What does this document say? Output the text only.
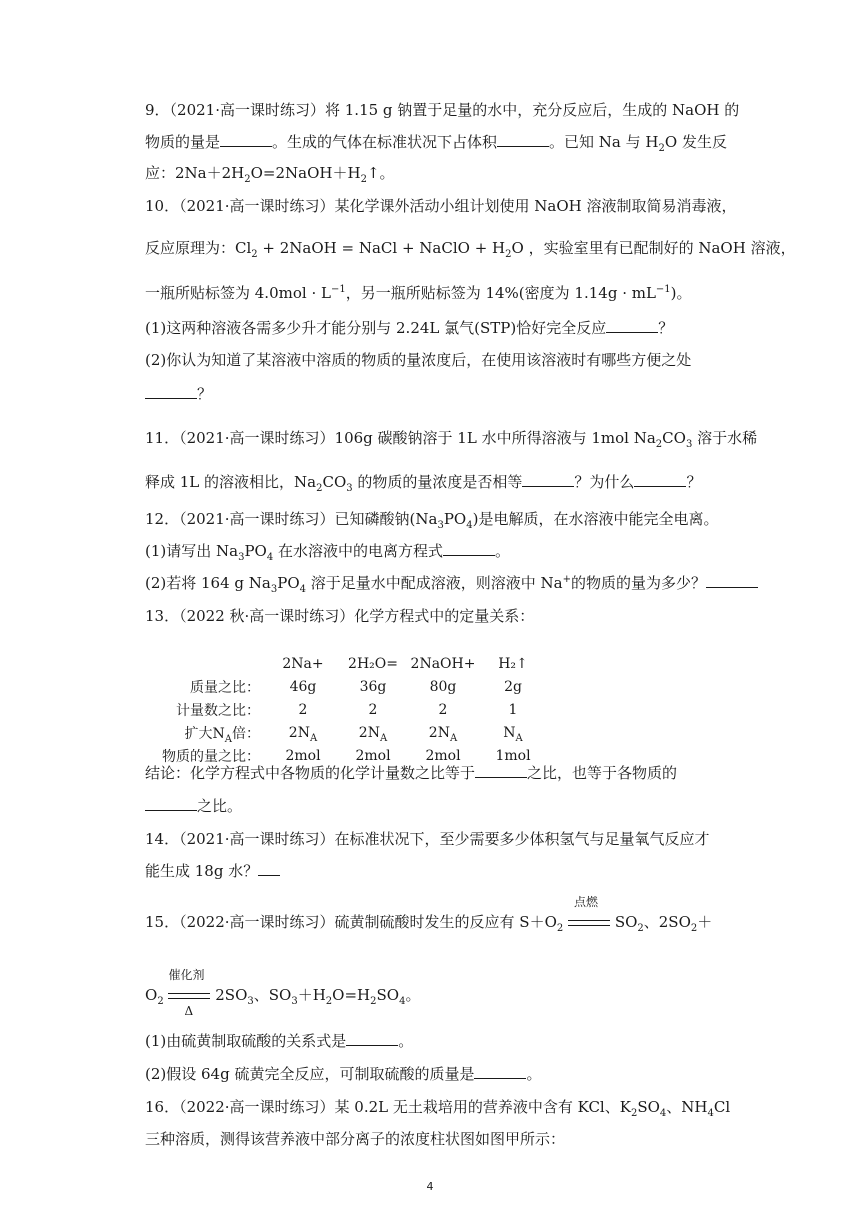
9．（2021·高一课时练习）将 1.15 g 钠置于足量的水中，充分反应后，生成的 NaOH 的
物质的量是	。生成的气体在标准状况下占体积	。已知 Na 与 $H_2O$ 发生反
应：$2Na+2H_2O=2NaOH+H_2↑$。
10．（2021·高一课时练习）某化学课外活动小组计划使用 NaOH 溶液制取简易消毒液，
反应原理为：$Cl_2$ + 2NaOH = NaCl + NaClO + $H_2O$ ，实验室里有已配制好的 NaOH 溶液，
一瓶所贴标签为 $4.0mol \cdot L^{-1}$，另一瓶所贴标签为 14%(密度为 $1.14g \cdot mL^{-1}$)。
(1)这两种溶液各需多少升才能分别与 2.24L 氯气(STP)恰好完全反应	？
(2)你认为知道了某溶液中溶质的物质的量浓度后，在使用该溶液时有哪些方便之处
？
11．（2021·高一课时练习）106g 碳酸钠溶于 1L 水中所得溶液与 1mol $Na_2CO_3$ 溶于水稀
释成 1L 的溶液相比，$Na_2CO_3$ 的物质的量浓度是否相等	？为什么	？
12．（2021·高一课时练习）已知磷酸钠$(Na_3PO_4)$是电解质，在水溶液中能完全电离。
(1)请写出 $Na_3PO_4$ 在水溶液中的电离方程式	。
(2)若将 164 g $Na_3PO_4$ 溶于足量水中配成溶液，则溶液中 Na+的物质的量为多少？
13．（2022 秋·高一课时练习）化学方程式中的定量关系：
	2Na+	2H₂O=	2NaOH+	H₂↑
质量之比：	46g	36g	80g	2g
计量数之比：	2	2	2	1
扩大$N_A$倍：	$2N_A$	$2N_A$	$2N_A$	$N_A$
物质的量之比：	2mol	2mol	2mol	1mol
结论：化学方程式中各物质的化学计量数之比等于	之比，也等于各物质的
之比。
14．（2021·高一课时练习）在标准状况下，至少需要多少体积氢气与足量氧气反应才
能生成 18g 水？
15．（2022·高一课时练习）硫黄制硫酸时发生的反应有 $S+O_2$
点燃
$SO_2$、$2SO_2+$
$O_2$
催化剂
Δ
$2SO_3$、$SO_3+H_2O=H_2SO_4$。
(1)由硫黄制取硫酸的关系式是	。
(2)假设 64g 硫黄完全反应，可制取硫酸的质量是	。
16．（2022·高一课时练习）某 0.2L 无土栽培用的营养液中含有 KCl、$K_2SO_4$、$NH_4Cl$
三种溶质，测得该营养液中部分离子的浓度柱状图如图甲所示：
4
